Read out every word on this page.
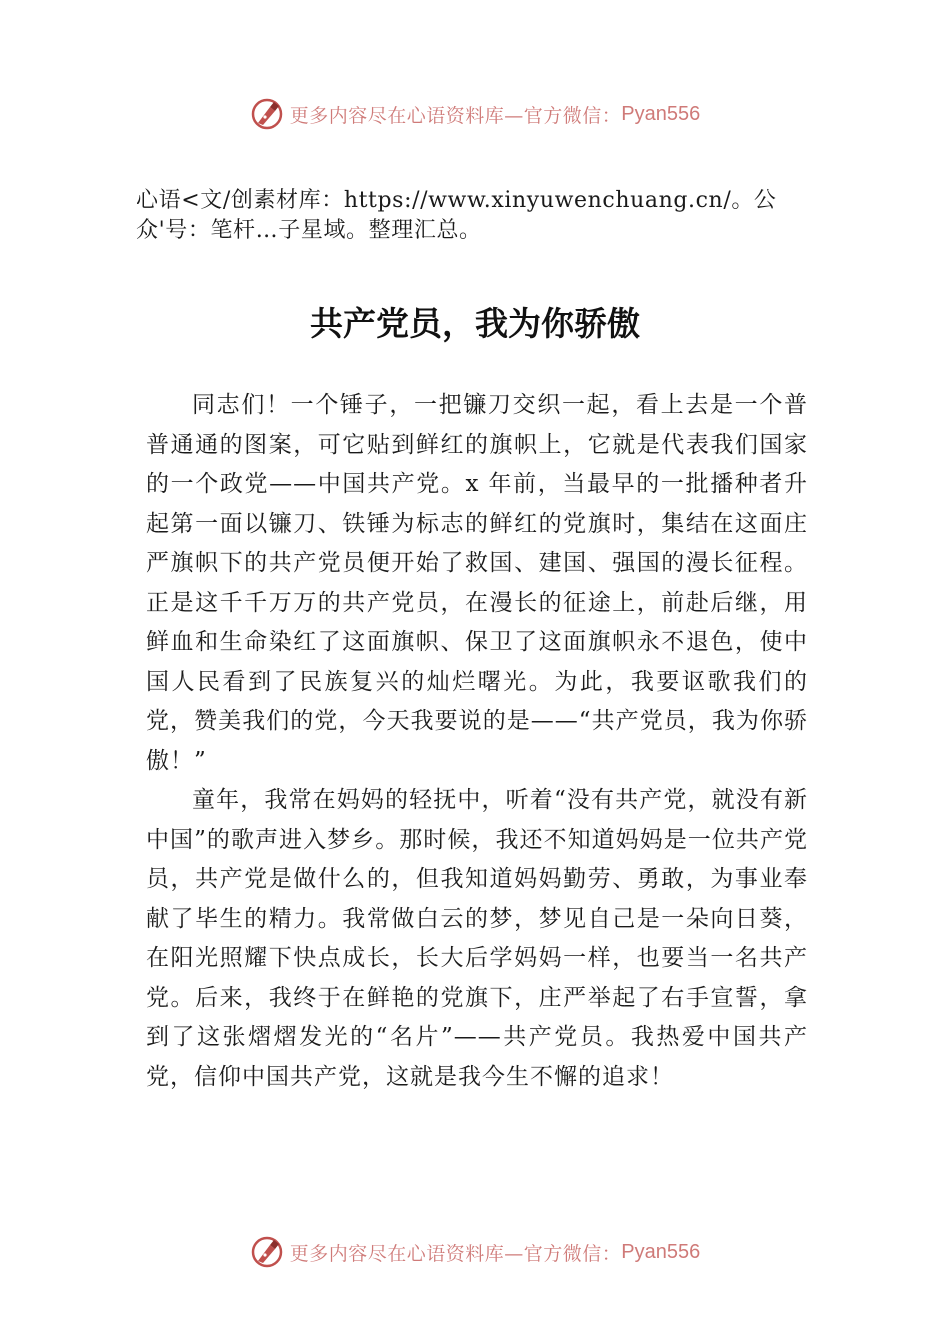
更多内容尽在心语资料库—官方微信： Pyan556
心语<文/创素材库：https://www.xinyuwenchuang.cn/。公众'号：笔杆…子星域。整理汇总。
共产党员，我为你骄傲

同志们！一个锤子，一把镰刀交织一起，看上去是一个普普通通的图案，可它贴到鲜红的旗帜上，它就是代表我们国家的一个政党——中国共产党。x 年前，当最早的一批播种者升起第一面以镰刀、铁锤为标志的鲜红的党旗时，集结在这面庄严旗帜下的共产党员便开始了救国、建国、强国的漫长征程。正是这千千万万的共产党员，在漫长的征途上，前赴后继，用鲜血和生命染红了这面旗帜、保卫了这面旗帜永不退色，使中国人民看到了民族复兴的灿烂曙光。为此，我要讴歌我们的党，赞美我们的党，今天我要说的是——“共产党员，我为你骄傲！”

童年，我常在妈妈的轻抚中，听着“没有共产党，就没有新中国”的歌声进入梦乡。那时候，我还不知道妈妈是一位共产党员，共产党是做什么的，但我知道妈妈勤劳、勇敢，为事业奉献了毕生的精力。我常做白云的梦，梦见自己是一朵向日葵，在阳光照耀下快点成长，长大后学妈妈一样，也要当一名共产党。后来，我终于在鲜艳的党旗下，庄严举起了右手宣誓，拿到了这张熠熠发光的“名片”——共产党员。我热爱中国共产党，信仰中国共产党，这就是我今生不懈的追求！

更多内容尽在心语资料库—官方微信： Pyan556
